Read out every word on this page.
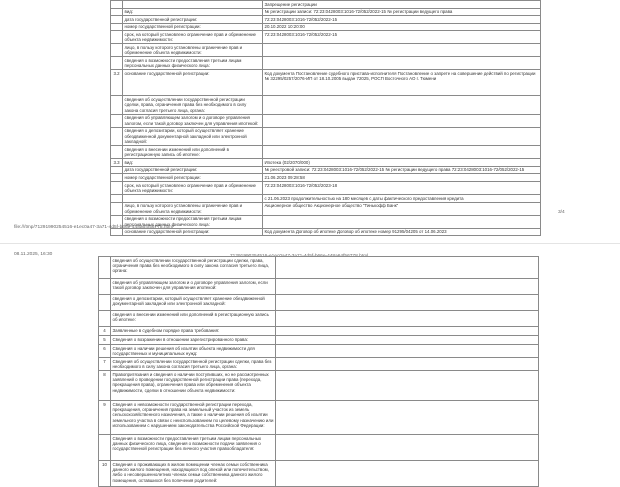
		Запрещение регистрации
	вид:	№ регистрации записи: 72:23:0428003:1016-72/052/2022-15 № регистрации ведущего права
	дата государственной регистрации:	72:23:0428003:1016-72/052/2022-15
	номер государственной регистрации:	20.10.2022 10:20:00
	срок, на который установлено ограничение прав и обременение объекта недвижимости:	72:23:0428003:1016-72/052/2022-15
	лицо, в пользу которого установлены ограничение прав и обременение объекта недвижимости:	
	сведения о возможности предоставления третьим лицам персональных данных физического лица:	
3.2	основание государственной регистрации:	Код документа Постановление судебного пристава-исполнителя Постановление о запрете на совершение действий по регистрации № 32295/0257/2076-ИП от 18.10.2005 выдан 72025, РОСП Восточного АО г. Тюмени
	сведения об осуществлении государственной регистрации сделки, права, ограничения права без необходимого в силу закона согласия третьего лица, органа:	
	сведения об управляющем залогом и о договоре управления залогом, если такой договор заключен для управления ипотекой:	
	сведения о депозитарии, который осуществляет хранение обездвиженной документарной закладной или электронной закладной:	
	сведения о внесении изменений или дополнений в регистрационную запись об ипотеке:	
3.3	вид:	Ипотека (02/2070/000)
	дата государственной регистрации:	№ реестровой записи: 72:23:0428003:1016-72/052/2022-15 № регистрации ведущего права 72:23:0428003:1016-72/052/2022-15
	номер государственной регистрации:	21.06.2023 09:28:58
	срок, на который установлено ограничение прав и обременение объекта недвижимости:	72:23:0428003:1016-72/052/2023-18
		с 21.06.2023 продолжительностью на 180 месяцев с даты фактического предоставления кредита
	лицо, в пользу которого установлены ограничение прав и обременение объекта недвижимости:	Акционерное общество Акционерное общество "Тинькофф Банк"
	сведения о возможности предоставления третьим лицам персональных данных физического лица:	
	основание государственной регистрации:	Код документа Договор об ипотеке Договор об ипотеке номер 91295/04205 от 14.06.2023
3/4
file:///tmp/71291990254516-e1ec0a47-3a71-4d5f-b66e-448a64f56778.html
08.11.2025, 16:30	71291990254516-e1ec0a47-3a71-4d5f-b66e-448a64f56778.html
	сведения об осуществлении государственной регистрации сделки, права, ограничения права без необходимого в силу закона согласия третьего лица, органа:	
	сведения об управляющем залогом и о договоре управления залогом, если такой договор заключен для управления ипотекой:	
	сведения о депозитарии, который осуществляет хранение обездвиженной документарной закладной или электронной закладной:	
	сведения о внесении изменений или дополнений в регистрационную запись об ипотеке:	
4	Заявленные в судебном порядке права требования:	
5	Сведения о возражении в отношении зарегистрированного права:	
6	Сведения о наличии решения об изъятии объекта недвижимости для государственных и муниципальных нужд:	
7	Сведения об осуществлении государственной регистрации сделки, права без необходимого в силу закона согласия третьего лица, органа:	
8	Правопритязания и сведения о наличии поступивших, но не рассмотренных заявлений о проведении государственной регистрации права (перехода, прекращения права), ограничения права или обременения объекта недвижимости, сделки в отношении объекта недвижимости:	
9	Сведения о невозможности государственной регистрации перехода, прекращения, ограничения права на земельный участок из земель сельскохозяйственного назначения, а также о наличии решения об изъятии земельного участка в связи с неиспользованием по целевому назначению или использованием с нарушением законодательства Российской Федерации:	
	Сведения о возможности предоставления третьим лицам персональных данных физического лица, сведения о возможности подачи заявления о государственной регистрации без личного участия правообладателя:	
10	Сведения о проживающих в жилом помещении членах семьи собственника данного жилого помещения, находящихся под опекой или попечительством, либо о несовершеннолетних членах семьи собственника данного жилого помещения, оставшихся без попечения родителей:	
